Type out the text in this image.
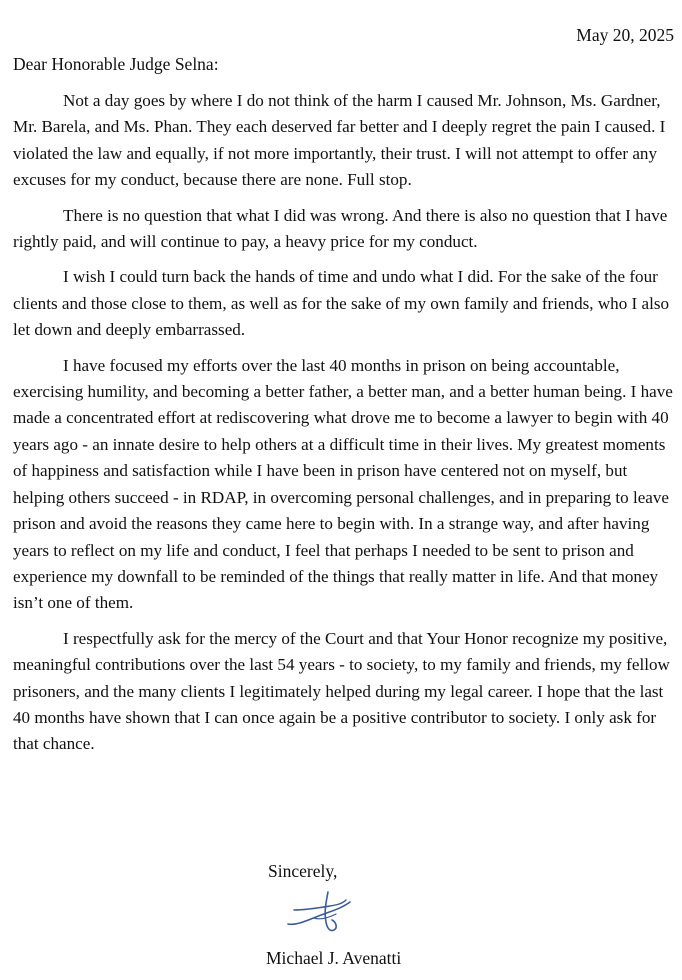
May 20, 2025
Dear Honorable Judge Selna:

Not a day goes by where I do not think of the harm I caused Mr. Johnson, Ms. Gardner, Mr. Barela, and Ms. Phan. They each deserved far better and I deeply regret the pain I caused. I violated the law and equally, if not more importantly, their trust. I will not attempt to offer any excuses for my conduct, because there are none. Full stop.

There is no question that what I did was wrong. And there is also no question that I have rightly paid, and will continue to pay, a heavy price for my conduct.

I wish I could turn back the hands of time and undo what I did. For the sake of the four clients and those close to them, as well as for the sake of my own family and friends, who I also let down and deeply embarrassed.

I have focused my efforts over the last 40 months in prison on being accountable, exercising humility, and becoming a better father, a better man, and a better human being. I have made a concentrated effort at rediscovering what drove me to become a lawyer to begin with 40 years ago - an innate desire to help others at a difficult time in their lives. My greatest moments of happiness and satisfaction while I have been in prison have centered not on myself, but helping others succeed - in RDAP, in overcoming personal challenges, and in preparing to leave prison and avoid the reasons they came here to begin with. In a strange way, and after having years to reflect on my life and conduct, I feel that perhaps I needed to be sent to prison and experience my downfall to be reminded of the things that really matter in life. And that money isn’t one of them.

I respectfully ask for the mercy of the Court and that Your Honor recognize my positive, meaningful contributions over the last 54 years - to society, to my family and friends, my fellow prisoners, and the many clients I legitimately helped during my legal career. I hope that the last 40 months have shown that I can once again be a positive contributor to society. I only ask for that chance.

Sincerely,
Michael J. Avenatti
